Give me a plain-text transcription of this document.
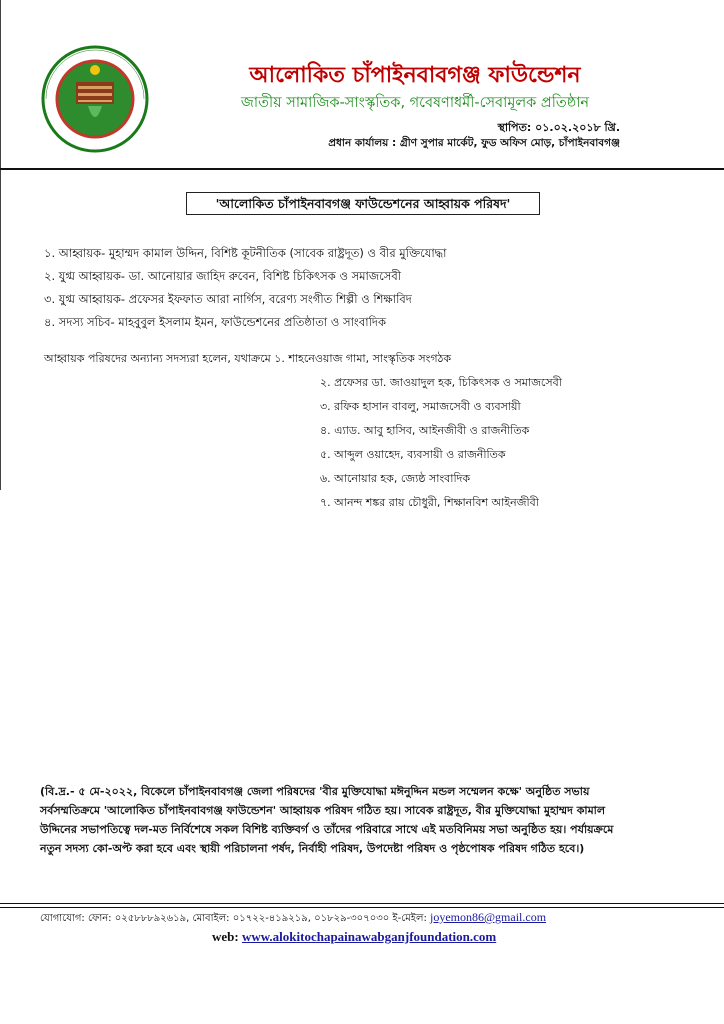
আলোকিত চাঁপাইনবাবগঞ্জ ফাউন্ডেশন
জাতীয় সামাজিক-সাংস্কৃতিক, গবেষণাধর্মী-সেবামূলক প্রতিষ্ঠান
স্থাপিত: ০১.০২.২০১৮ খ্রি.
প্রধান কার্যালয় : গ্রীণ সুপার মার্কেট, ফুড অফিস মোড়, চাঁপাইনবাবগঞ্জ
'আলোকিত চাঁপাইনবাবগঞ্জ ফাউন্ডেশনের আহ্বায়ক পরিষদ'
১. আহ্বায়ক- মুহাম্মদ কামাল উদ্দিন, বিশিষ্ট কূটনীতিক (সাবেক রাষ্ট্রদূত) ও বীর মুক্তিযোদ্ধা
২. যুগ্ম আহ্বায়ক- ডা. আনোয়ার জাহিদ রুবেন, বিশিষ্ট চিকিৎসক ও সমাজসেবী
৩. যুগ্ম আহ্বায়ক- প্রফেসর ইফফাত আরা নার্গিস, বরেণ্য সংগীত শিল্পী ও শিক্ষাবিদ
৪. সদস্য সচিব- মাহবুবুল ইসলাম ইমন, ফাউন্ডেশনের প্রতিষ্ঠাতা ও সাংবাদিক
আহ্বায়ক পরিষদের অন্যান্য সদস্যরা হলেন, যথাক্রমে ১. শাহনেওয়াজ গামা, সাংস্কৃতিক সংগঠক
২. প্রফেসর ডা. জাওয়াদুল হক, চিকিৎসক ও সমাজসেবী
৩. রফিক হাসান বাবলু, সমাজসেবী ও ব্যবসায়ী
৪. এ্যাড. আবু হাসিব, আইনজীবী ও রাজনীতিক
৫. আব্দুল ওয়াহেদ, ব্যবসায়ী ও রাজনীতিক
৬. আনোয়ার হক, জ্যেষ্ঠ সাংবাদিক
৭. আনন্দ শঙ্কর রায় চৌধুরী, শিক্ষানবিশ আইনজীবী

(বি.দ্র.- ৫ মে-২০২২, বিকেলে চাঁপাইনবাবগঞ্জ জেলা পরিষদের 'বীর মুক্তিযোদ্ধা মঈনুদ্দিন মন্ডল সম্মেলন কক্ষে' অনুষ্ঠিত সভায়

সর্বসম্মতিক্রমে 'আলোকিত চাঁপাইনবাবগঞ্জ ফাউন্ডেশন' আহ্বায়ক পরিষদ গঠিত হয়। সাবেক রাষ্ট্রদূত, বীর মুক্তিযোদ্ধা মুহাম্মদ কামাল

উদ্দিনের সভাপতিত্বে দল-মত নির্বিশেষে সকল বিশিষ্ট ব্যক্তিবর্গ ও তাঁদের পরিবারে সাথে এই মতবিনিময় সভা অনুষ্ঠিত হয়। পর্যায়ক্রমে

নতুন সদস্য কো-অপ্ট করা হবে এবং স্থায়ী পরিচালনা পর্ষদ, নির্বাহী পরিষদ, উপদেষ্টা পরিষদ ও পৃষ্ঠপোষক পরিষদ গঠিত হবে।)

যোগাযোগ: ফোন: ০২৫৮৮৮৯২৬১৯, মোবাইল: ০১৭২২-৪১৯২১৯, ০১৮২৯-৩০৭০৩০ ই-মেইল: joyemon86@gmail.com
web: www.alokitochapainawabganjfoundation.com
